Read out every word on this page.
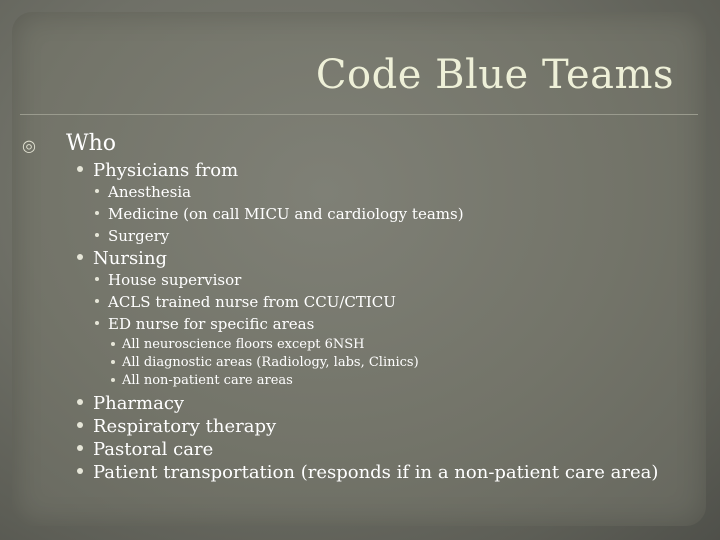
Code Blue Teams
◎ Who
Physicians from
Anesthesia
Medicine (on call MICU and cardiology teams)
Surgery
Nursing
House supervisor
ACLS trained nurse from CCU/CTICU
ED nurse for specific areas
All neuroscience floors except 6NSH
All diagnostic areas (Radiology, labs, Clinics)
All non-patient care areas
Pharmacy
Respiratory therapy
Pastoral care
Patient transportation (responds if in a non-patient care area)
